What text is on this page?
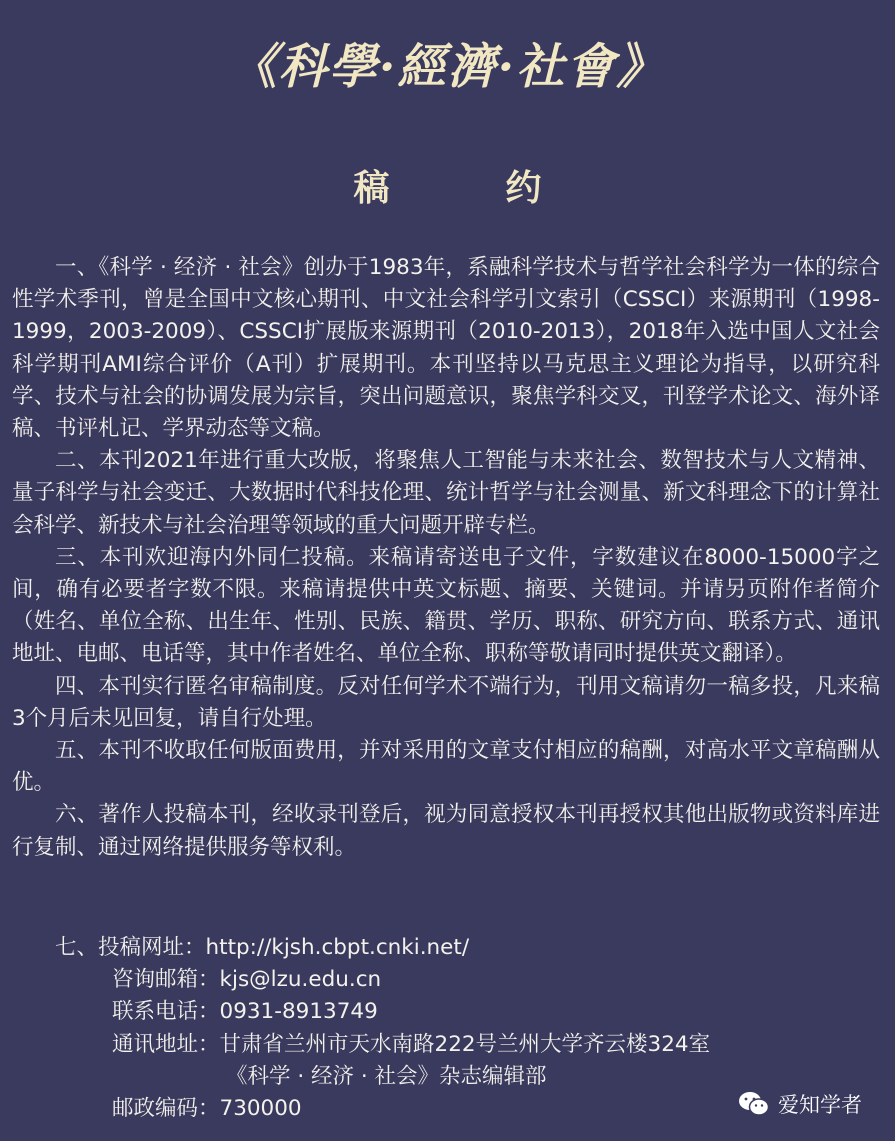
《科學·經濟·社會》
稿　约

一、《科学 · 经济 · 社会》创办于1983年，系融科学技术与哲学社会科学为一体的综合性学术季刊，曾是全国中文核心期刊、中文社会科学引文索引（CSSCI）来源期刊（1998-1999，2003-2009）、CSSCI扩展版来源期刊（2010-2013），2018年入选中国人文社会科学期刊AMI综合评价（A刊）扩展期刊。本刊坚持以马克思主义理论为指导，以研究科学、技术与社会的协调发展为宗旨，突出问题意识，聚焦学科交叉，刊登学术论文、海外译稿、书评札记、学界动态等文稿。

二、本刊2021年进行重大改版，将聚焦人工智能与未来社会、数智技术与人文精神、量子科学与社会变迁、大数据时代科技伦理、统计哲学与社会测量、新文科理念下的计算社会科学、新技术与社会治理等领域的重大问题开辟专栏。

三、本刊欢迎海内外同仁投稿。来稿请寄送电子文件，字数建议在8000-15000字之间，确有必要者字数不限。来稿请提供中英文标题、摘要、关键词。并请另页附作者简介（姓名、单位全称、出生年、性别、民族、籍贯、学历、职称、研究方向、联系方式、通讯地址、电邮、电话等，其中作者姓名、单位全称、职称等敬请同时提供英文翻译）。

四、本刊实行匿名审稿制度。反对任何学术不端行为，刊用文稿请勿一稿多投，凡来稿3个月后未见回复，请自行处理。

五、本刊不收取任何版面费用，并对采用的文章支付相应的稿酬，对高水平文章稿酬从优。

六、著作人投稿本刊，经收录刊登后，视为同意授权本刊再授权其他出版物或资料库进行复制、通过网络提供服务等权利。

七、投稿网址： http://kjsh.cbpt.cnki.net/
咨询邮箱： kjs@lzu.edu.cn
联系电话： 0931-8913749
通讯地址： 甘肃省兰州市天水南路222号兰州大学齐云楼324室
《科学 · 经济 · 社会》杂志编辑部
邮政编码： 730000	爱知学者
